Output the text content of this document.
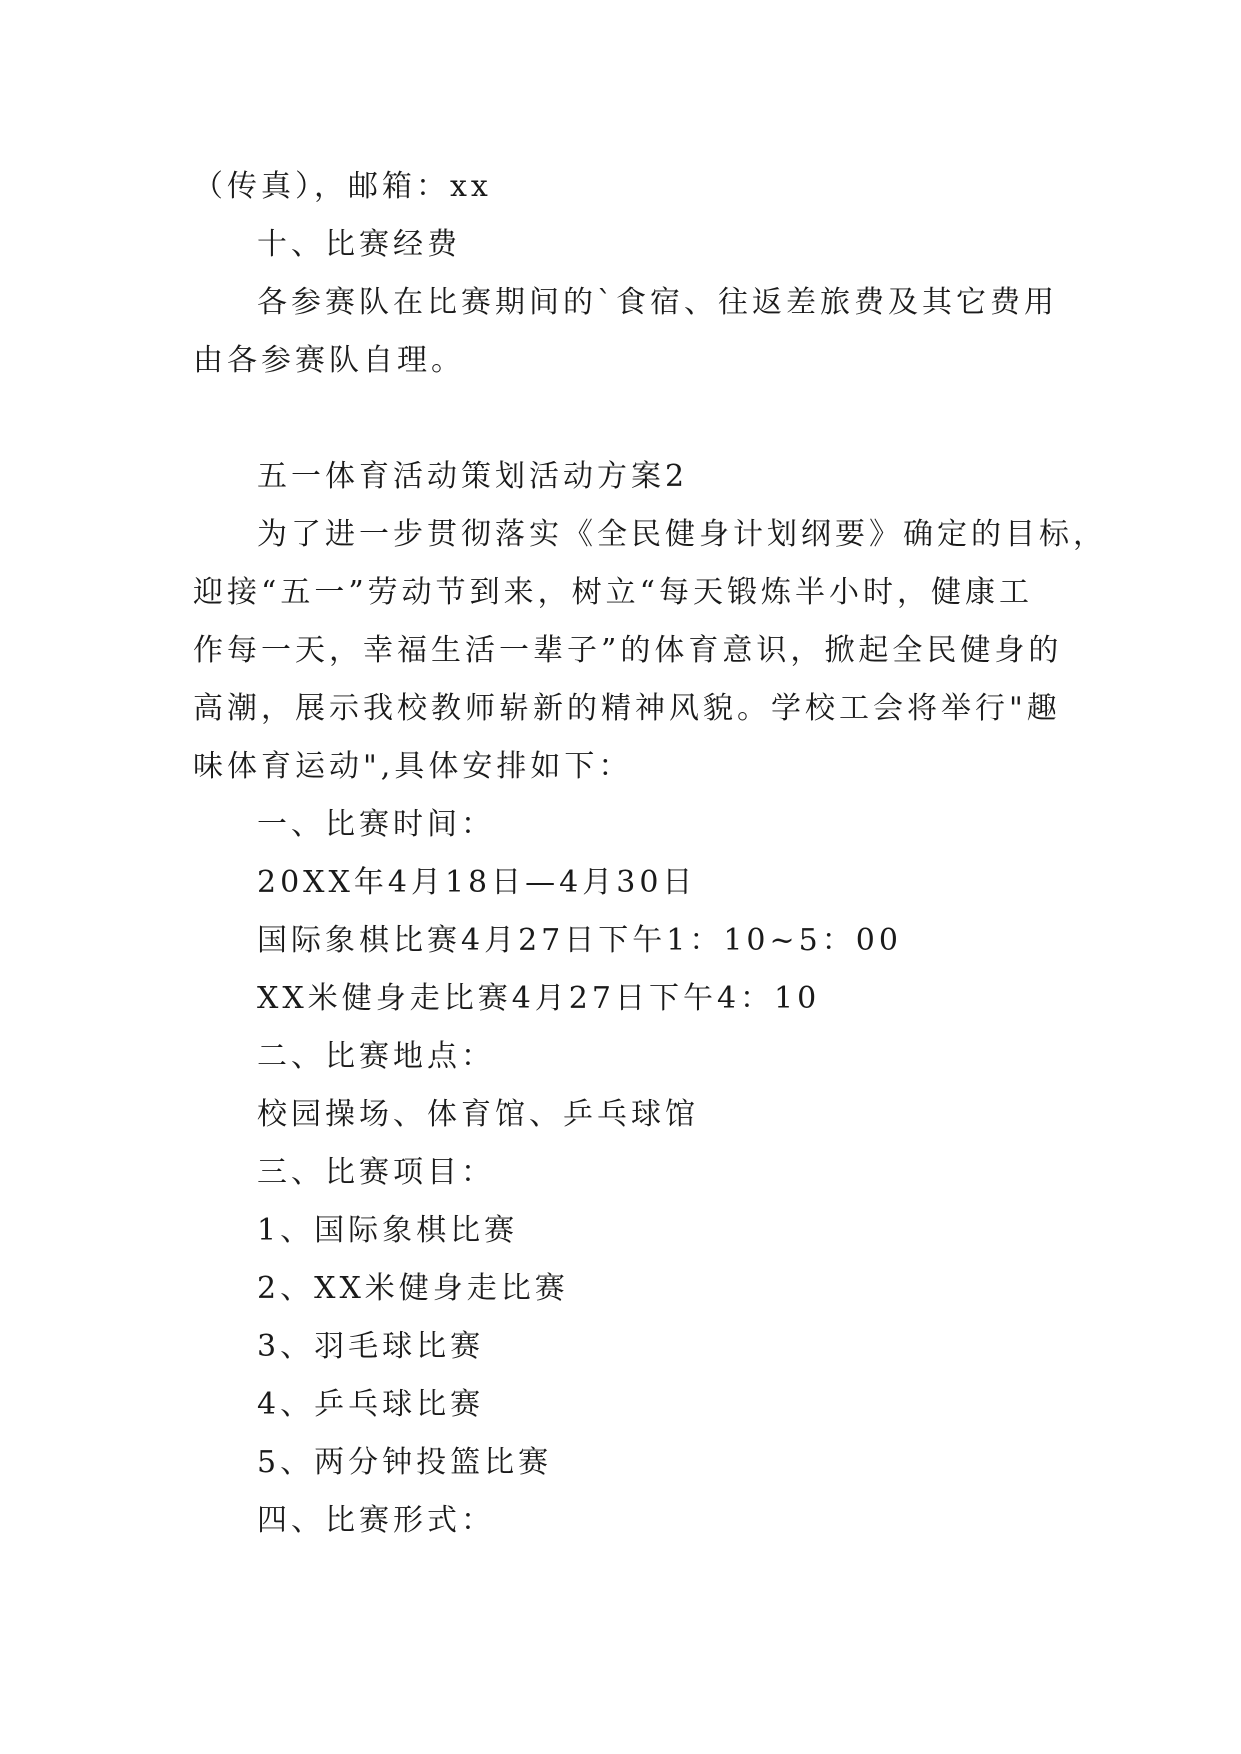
（传真），邮箱：xx
十、比赛经费
各参赛队在比赛期间的`食宿、往返差旅费及其它费用
由各参赛队自理。
五一体育活动策划活动方案2
为了进一步贯彻落实《全民健身计划纲要》确定的目标，
迎接“五一”劳动节到来，树立“每天锻炼半小时，健康工
作每一天，幸福生活一辈子”的体育意识，掀起全民健身的
高潮，展示我校教师崭新的精神风貌。学校工会将举行"趣
味体育运动",具体安排如下：
一、比赛时间：
20XX年4月18日—4月30日
国际象棋比赛4月27日下午1：10~5：00
XX米健身走比赛4月27日下午4：10
二、比赛地点：
校园操场、体育馆、乒乓球馆
三、比赛项目：
1、国际象棋比赛
2、XX米健身走比赛
3、羽毛球比赛
4、乒乓球比赛
5、两分钟投篮比赛
四、比赛形式：
